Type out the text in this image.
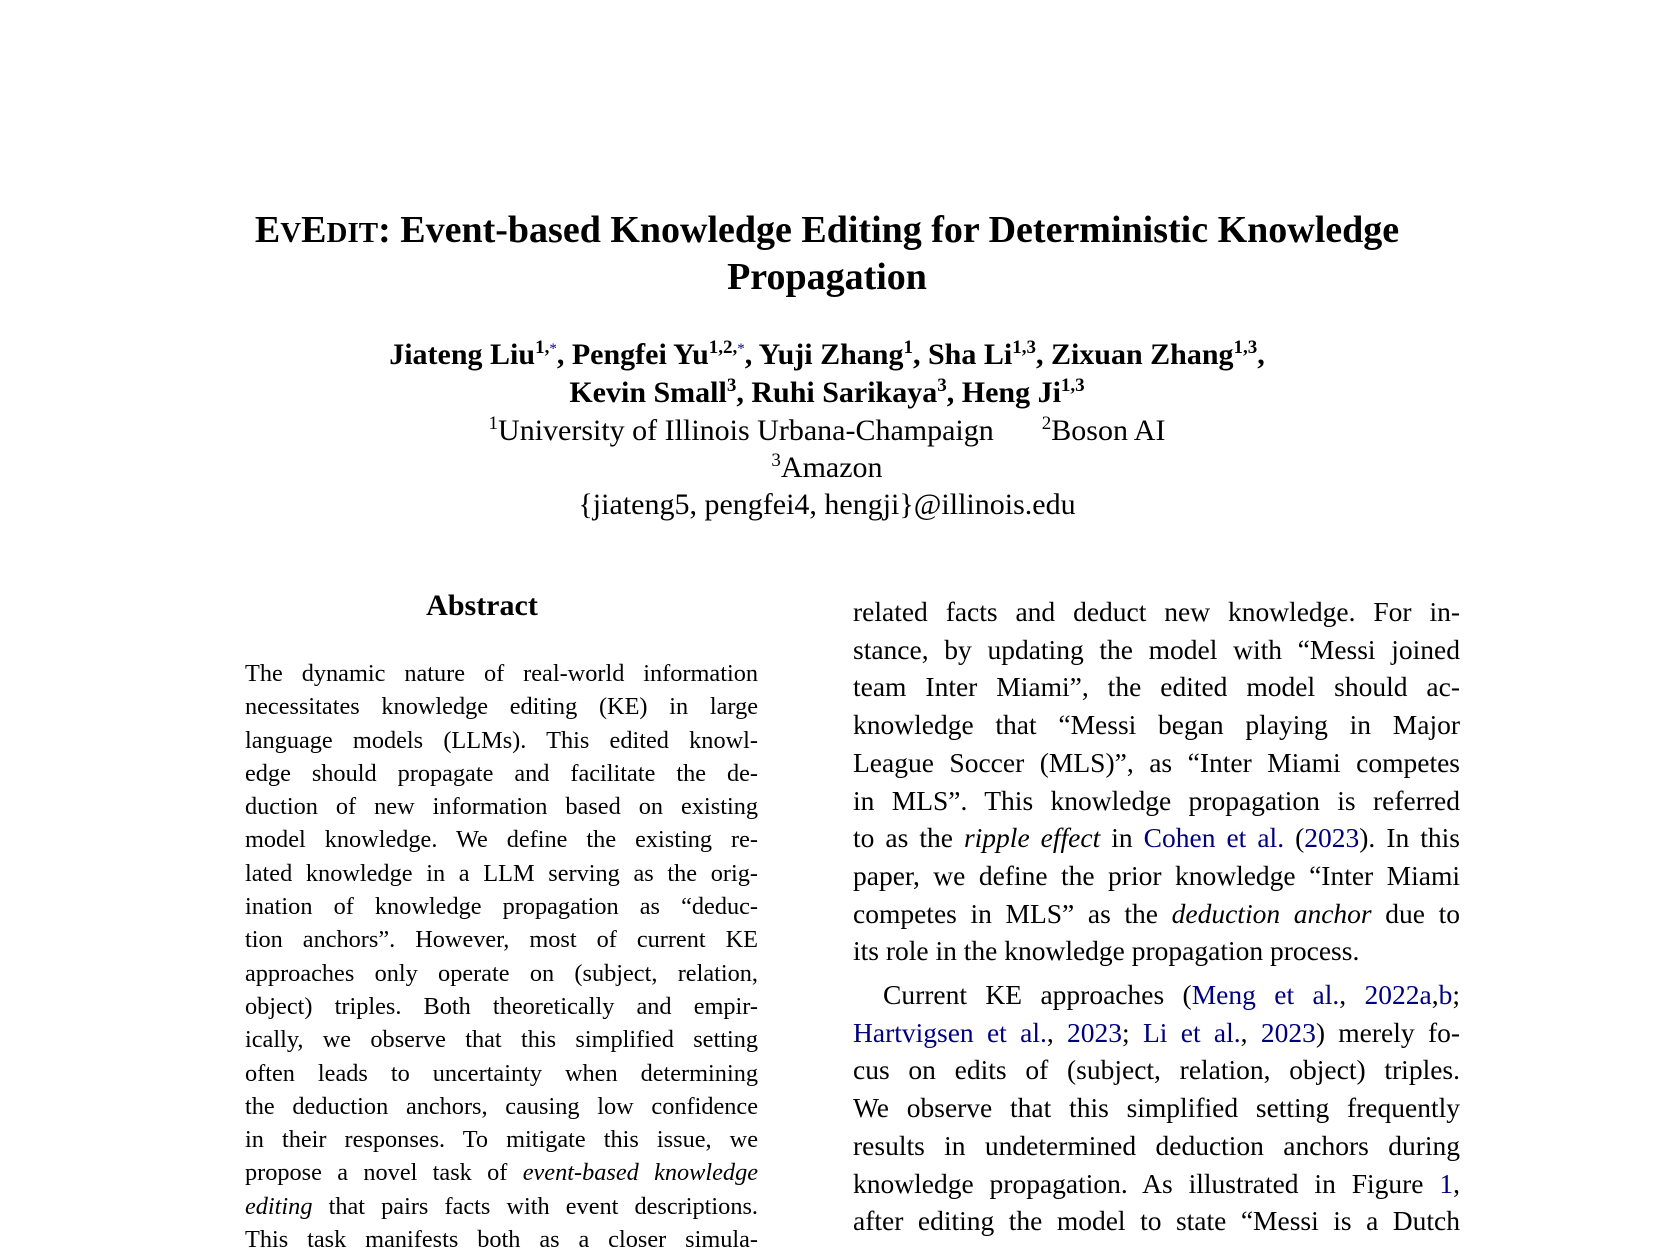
EVEDIT: Event-based Knowledge Editing for Deterministic Knowledge
Propagation
Jiateng Liu$^{1,*}$, Pengfei $Yu^{1,2,*}$, Yuji Zhang$^1$, Sha Li$^{1,3}$, Zixuan Zhang$^{1,3}$,
Kevin Small$^3$, Ruhi Sarikaya$^3$, Heng Ji$^{1,3}$
$^1$University of Illinois Urbana-Champaign	$^2$Boson AI
$^3$Amazon
{jiateng5, pengfei4, hengji}@illinois.edu
Abstract
The dynamic nature of real-world information
necessitates knowledge editing (KE) in large
language models (LLMs). This edited knowl-
edge should propagate and facilitate the de-
duction of new information based on existing
model knowledge. We define the existing re-
lated knowledge in a LLM serving as the orig-
ination of knowledge propagation as “deduc-
tion anchors”. However, most of current KE
approaches only operate on (subject, relation,
object) triples. Both theoretically and empir-
ically, we observe that this simplified setting
often leads to uncertainty when determining
the deduction anchors, causing low confidence
in their responses. To mitigate this issue, we
propose a novel task of event-based knowledge
editing that pairs facts with event descriptions.
This task manifests both as a closer simula-
related facts and deduct new knowledge. For in-
stance, by updating the model with “Messi joined
team Inter Miami”, the edited model should ac-
knowledge that “Messi began playing in Major
League Soccer (MLS)”, as “Inter Miami competes
in MLS”. This knowledge propagation is referred
to as the ripple effect in Cohen et al. (2023). In this
paper, we define the prior knowledge “Inter Miami
competes in MLS” as the deduction anchor due to
its role in the knowledge propagation process.
Current KE approaches (Meng et al., 2022a,b;
Hartvigsen et al., 2023; Li et al., 2023) merely fo-
cus on edits of (subject, relation, object) triples.
We observe that this simplified setting frequently
results in undetermined deduction anchors during
knowledge propagation. As illustrated in Figure 1,
after editing the model to state “Messi is a Dutch
